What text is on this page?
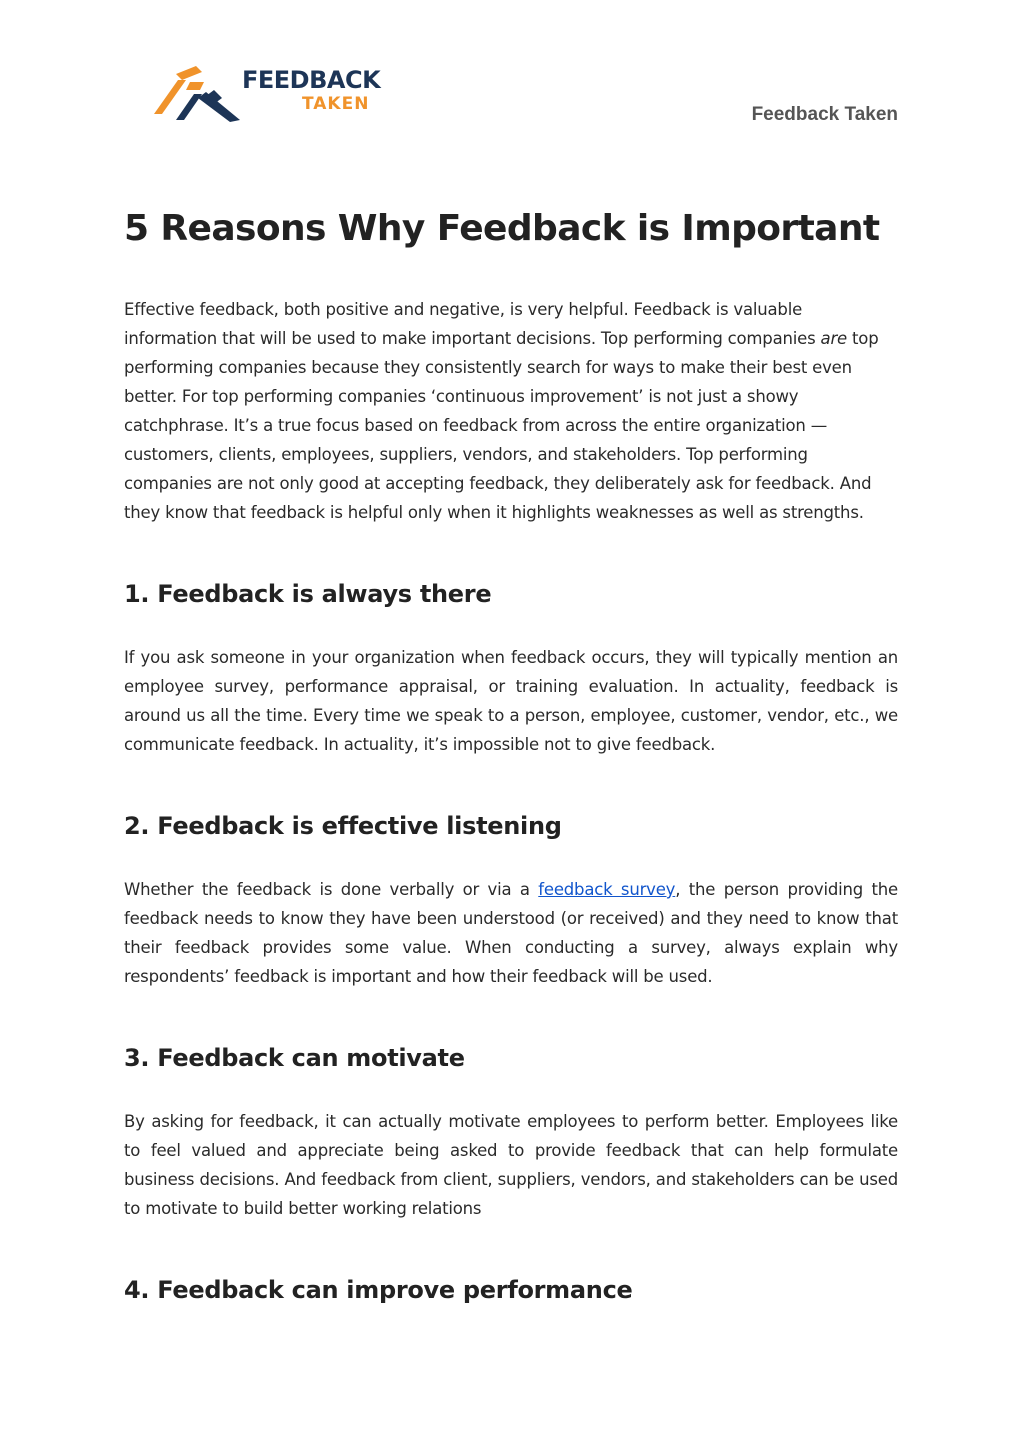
FEEDBACK
TAKEN	Feedback Taken
5 Reasons Why Feedback is Important

Effective feedback, both positive and negative, is very helpful. Feedback is valuable information that will be used to make important decisions. Top performing companies are top performing companies because they consistently search for ways to make their best even better. For top performing companies ‘continuous improvement’ is not just a showy catchphrase. It’s a true focus based on feedback from across the entire organization — customers, clients, employees, suppliers, vendors, and stakeholders. Top performing companies are not only good at accepting feedback, they deliberately ask for feedback. And they know that feedback is helpful only when it highlights weaknesses as well as strengths.

1. Feedback is always there

If you ask someone in your organization when feedback occurs, they will typically mention an employee survey, performance appraisal, or training evaluation. In actuality, feedback is around us all the time. Every time we speak to a person, employee, customer, vendor, etc., we communicate feedback. In actuality, it’s impossible not to give feedback.

2. Feedback is effective listening

Whether the feedback is done verbally or via a feedback survey, the person providing the feedback needs to know they have been understood (or received) and they need to know that their feedback provides some value. When conducting a survey, always explain why respondents’ feedback is important and how their feedback will be used.

3. Feedback can motivate

By asking for feedback, it can actually motivate employees to perform better. Employees like to feel valued and appreciate being asked to provide feedback that can help formulate business decisions. And feedback from client, suppliers, vendors, and stakeholders can be used to motivate to build better working relations

4. Feedback can improve performance
